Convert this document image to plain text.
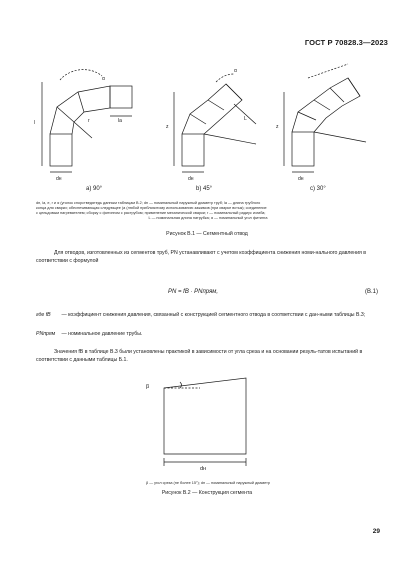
ГОСТ Р 70828.3—2023
α
l	r	lа
dн
α
z
L
dн
z
dн
а) 90°	b) 45°	с) 30°
dн, lа, e, r и α (уголок спорстведятедь данным таблицам В.2; dн — номинальный наружный диаметр труб; lа — длина трубного
конца для сварки; обеспечивающая следующее (а (любой приблизитому использованию зажимов (при сварке встык); соединение
с цельдовым нагревателем; сборку с фитингом с раструбом; применение механической сварки; r — номинальный радиус изгиба;
L — номинальная длина патрубка; α — номинальный угол фитинга
Рисунок В.1 — Сегментный отвод
Для отводов, изготовленных из сегментов труб, PN устанавливают с учетом коэффициента снижения номи-нального давления в соответствии с формулой
PN = fB · PNпрям,	(В.1)
где fB — коэффициент снижения давления, связанный с конструкцией сегментного отвода в соответствии с дан-ными таблицы В.3;
PNпрям — номинальное давление трубы.
Значения fB в таблице В.3 были установлены практикой в зависимости от угла среза и на основании резуль-татов испытаний в соответствии с данными таблицы Б.1.
β
dн
β — угол среза (не более 15°); dн — номинальный наружный диаметр
Рисунок В.2 — Конструкция сегмента
29
